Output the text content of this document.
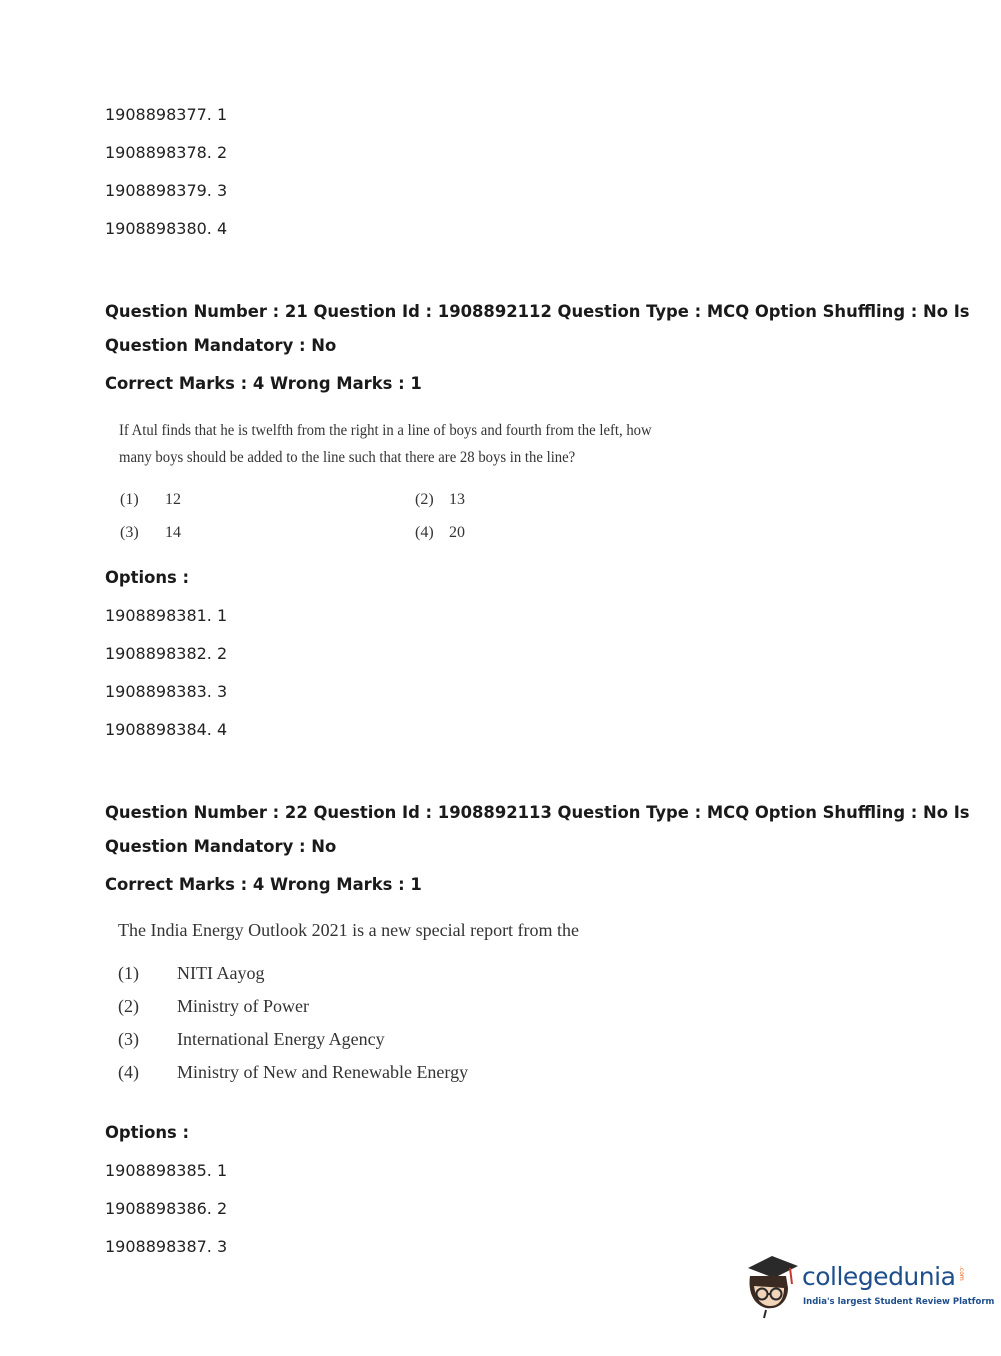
1908898377. 1
1908898378. 2
1908898379. 3
1908898380. 4
Question Number : 21 Question Id : 1908892112 Question Type : MCQ Option Shuffling : No Is
Question Mandatory : No
Correct Marks : 4 Wrong Marks : 1
If Atul finds that he is twelfth from the right in a line of boys and fourth from the left, how
many boys should be added to the line such that there are 28 boys in the line?
(1) 12	(2) 13
(3) 14	(4) 20
Options :
1908898381. 1
1908898382. 2
1908898383. 3
1908898384. 4
Question Number : 22 Question Id : 1908892113 Question Type : MCQ Option Shuffling : No Is
Question Mandatory : No
Correct Marks : 4 Wrong Marks : 1
The India Energy Outlook 2021 is a new special report from the
(1) NITI Aayog
(2) Ministry of Power
(3) International Energy Agency
(4) Ministry of New and Renewable Energy
Options :
1908898385. 1
1908898386. 2
1908898387. 3
collegedunia .com
India's largest Student Review Platform
